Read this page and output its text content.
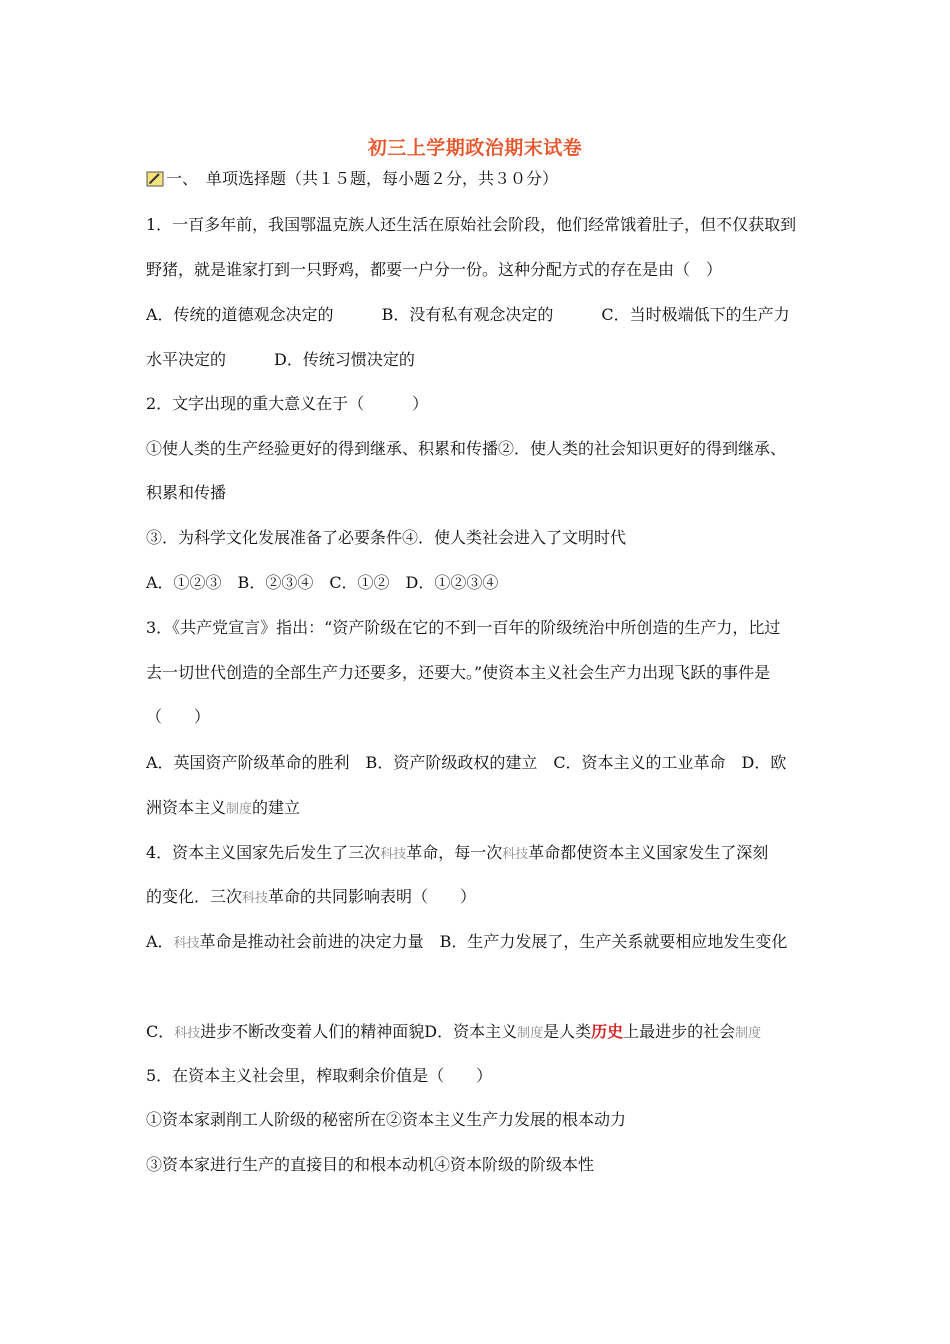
初三上学期政治期末试卷
一、　单项选择题（共１５题，每小题２分，共３０分）
1．一百多年前，我国鄂温克族人还生活在原始社会阶段，他们经常饿着肚子，但不仅获取到
野猪，就是谁家打到一只野鸡，都要一户分一份。这种分配方式的存在是由（　）
A．传统的道德观念决定的	B．没有私有观念决定的	C．当时极端低下的生产力
水平决定的	D．传统习惯决定的
2．文字出现的重大意义在于（　　　）
①使人类的生产经验更好的得到继承、积累和传播②．使人类的社会知识更好的得到继承、
积累和传播
③．为科学文化发展准备了必要条件④．使人类社会进入了文明时代
A．①②③　B．②③④　C．①②　D．①②③④
3．《共产党宣言》指出：“资产阶级在它的不到一百年的阶级统治中所创造的生产力，比过
去一切世代创造的全部生产力还要多，还要大。”使资本主义社会生产力出现飞跃的事件是
（　　）
A．英国资产阶级革命的胜利　B．资产阶级政权的建立　C．资本主义的工业革命　D．欧
洲资本主义制度的建立
4．资本主义国家先后发生了三次科技革命，每一次科技革命都使资本主义国家发生了深刻
的变化．三次科技革命的共同影响表明（　　）
A．科技革命是推动社会前进的决定力量　B．生产力发展了，生产关系就要相应地发生变化
C．科技进步不断改变着人们的精神面貌D．资本主义制度是人类历史上最进步的社会制度
5．在资本主义社会里，榨取剩余价值是（　　）
①资本家剥削工人阶级的秘密所在②资本主义生产力发展的根本动力
③资本家进行生产的直接目的和根本动机④资本阶级的阶级本性
